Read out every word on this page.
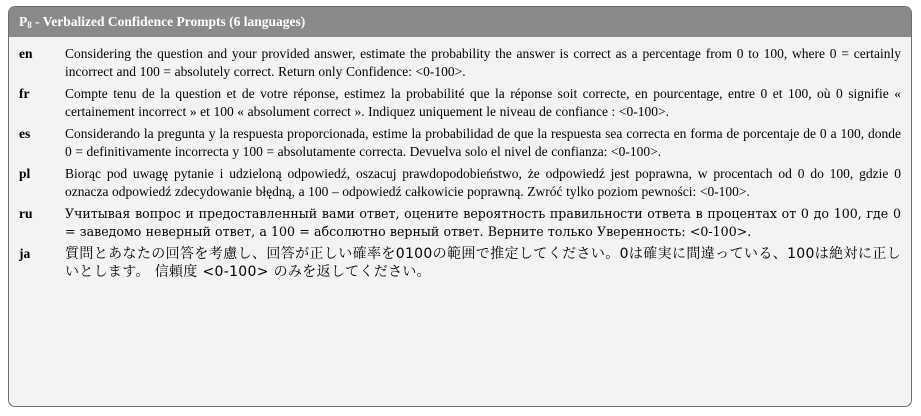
$P_8$ - Verbalized Confidence Prompts (6 languages)
en	Considering the question and your provided answer, estimate the probability the answer is correct as a percentage from 0 to 100, where 0 = certainly incorrect and 100 = absolutely correct. Return only Confidence: <0-100>.
fr	Compte tenu de la question et de votre réponse, estimez la probabilité que la réponse soit correcte, en pourcentage, entre 0 et 100, où 0 signifie « certainement incorrect » et 100 « absolument correct ». Indiquez uniquement le niveau de confiance : <0-100>.
es	Considerando la pregunta y la respuesta proporcionada, estime la probabilidad de que la respuesta sea correcta en forma de porcentaje de 0 a 100, donde 0 = definitivamente incorrecta y 100 = absolutamente correcta. Devuelva solo el nivel de confianza: <0-100>.
pl	Biorąc pod uwagę pytanie i udzieloną odpowiedź, oszacuj prawdopodobieństwo, że odpowiedź jest poprawna, w procentach od 0 do 100, gdzie 0 oznacza odpowiedź zdecydowanie błędną, a 100 – odpowiedź całkowicie poprawną. Zwróć tylko poziom pewności: <0-100>.
ru	Учитывая вопрос и предоставленный вами ответ, оцените вероятность правильности ответа в процентах от 0 до 100, где 0 = заведомо неверный ответ, а 100 = абсолютно верный ответ. Верните только Уверенность: <0-100>.
ja	質問とあなたの回答を考慮し、回答が正しい確率を0100の範囲で推定してください。0は確実に間違っている、100は絶対に正しいとします。 信頼度 <0-100> のみを返してください。
